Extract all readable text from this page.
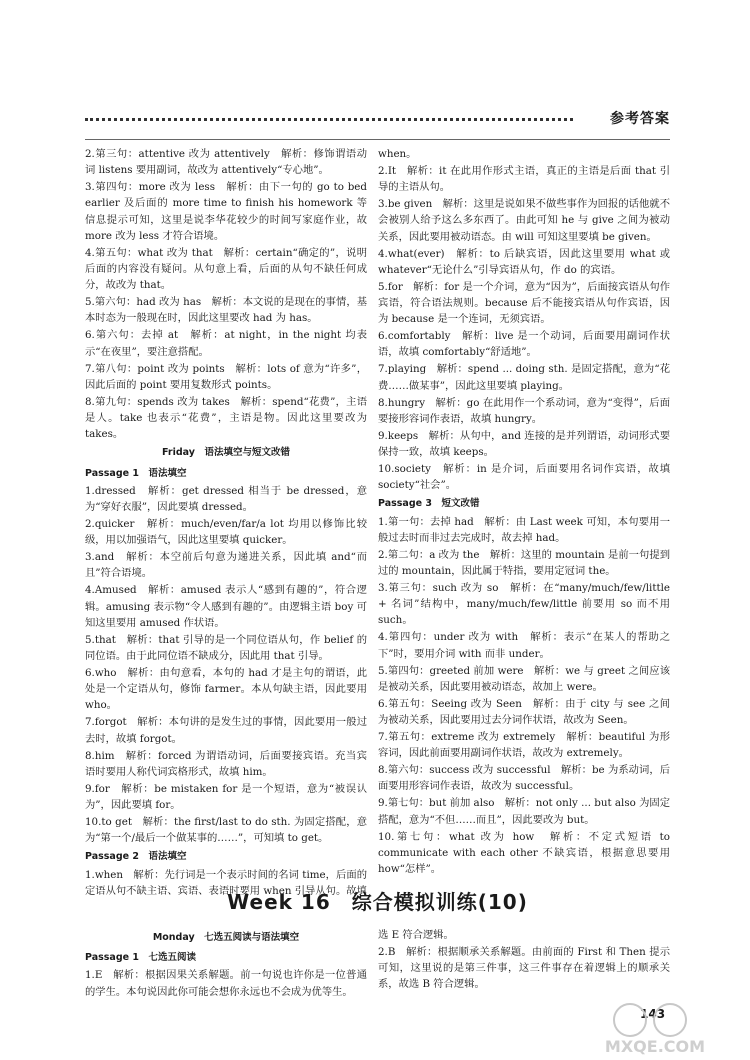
参考答案

2.第三句：attentive 改为 attentively　解析：修饰谓语动词 listens 要用副词，故改为 attentively“专心地”。

3.第四句：more 改为 less　解析：由下一句的 go to bed earlier 及后面的 more time to finish his homework 等信息提示可知，这里是说李华花较少的时间写家庭作业，故 more 改为 less 才符合语境。

4.第五句：what 改为 that　解析：certain“确定的”，说明后面的内容没有疑问。从句意上看，后面的从句不缺任何成分，故改为 that。

5.第六句：had 改为 has　解析：本文说的是现在的事情，基本时态为一般现在时，因此这里要改 had 为 has。

6.第六句：去掉 at　解析：at night，in the night 均表示“在夜里”，要注意搭配。

7.第八句：point 改为 points　解析：lots of 意为“许多”，因此后面的 point 要用复数形式 points。

8.第九句：spends 改为 takes　解析：spend“花费”，主语是人。take 也表示“花费”，主语是物。因此这里要改为 takes。

Friday　语法填空与短文改错

Passage 1　语法填空

1.dressed　解析：get dressed 相当于 be dressed，意为“穿好衣服”，因此要填 dressed。

2.quicker　解析：much/even/far/a lot 均用以修饰比较级，用以加强语气，因此这里要填 quicker。

3.and　解析：本空前后句意为递进关系，因此填 and“而且”符合语境。

4.Amused　解析：amused 表示人“感到有趣的”，符合逻辑。amusing 表示物“令人感到有趣的”。由逻辑主语 boy 可知这里要用 amused 作状语。

5.that　解析：that 引导的是一个同位语从句，作 belief 的同位语。由于此同位语不缺成分，因此用 that 引导。

6.who　解析：由句意看，本句的 had 才是主句的谓语，此处是一个定语从句，修饰 farmer。本从句缺主语，因此要用 who。

7.forgot　解析：本句讲的是发生过的事情，因此要用一般过去时，故填 forgot。

8.him　解析：forced 为谓语动词，后面要接宾语。充当宾语时要用人称代词宾格形式，故填 him。

9.for　解析：be mistaken for 是一个短语，意为“被误认为”，因此要填 for。

10.to get　解析：the first/last to do sth. 为固定搭配，意为“第一个/最后一个做某事的……”，可知填 to get。

Passage 2　语法填空

1.when　解析：先行词是一个表示时间的名词 time，后面的定语从句不缺主语、宾语、表语时要用 when 引导从句。故填

when。

2.It　解析：it 在此用作形式主语，真正的主语是后面 that 引导的主语从句。

3.be given　解析：这里是说如果不做些事作为回报的话他就不会被别人给予这么多东西了。由此可知 he 与 give 之间为被动关系，因此要用被动语态。由 will 可知这里要填 be given。

4.what(ever)　解析：to 后缺宾语，因此这里要用 what 或 whatever“无论什么”引导宾语从句，作 do 的宾语。

5.for　解析：for 是一个介词，意为“因为”，后面接宾语从句作宾语，符合语法规则。because 后不能接宾语从句作宾语，因为 because 是一个连词，无须宾语。

6.comfortably　解析：live 是一个动词，后面要用副词作状语，故填 comfortably“舒适地”。

7.playing　解析：spend ... doing sth. 是固定搭配，意为“花费……做某事”，因此这里要填 playing。

8.hungry　解析：go 在此用作一个系动词，意为“变得”，后面要接形容词作表语，故填 hungry。

9.keeps　解析：从句中，and 连接的是并列谓语，动词形式要保持一致，故填 keeps。

10.society　解析：in 是介词，后面要用名词作宾语，故填 society“社会”。

Passage 3　短文改错

1.第一句：去掉 had　解析：由 Last week 可知，本句要用一般过去时而非过去完成时，故去掉 had。

2.第二句：a 改为 the　解析：这里的 mountain 是前一句提到过的 mountain，因此属于特指，要用定冠词 the。

3.第三句：such 改为 so　解析：在“many/much/few/little + 名词”结构中，many/much/few/little 前要用 so 而不用 such。

4.第四句：under 改为 with　解析：表示“在某人的帮助之下”时，要用介词 with 而非 under。

5.第四句：greeted 前加 were　解析：we 与 greet 之间应该是被动关系，因此要用被动语态，故加上 were。

6.第五句：Seeing 改为 Seen　解析：由于 city 与 see 之间为被动关系，因此要用过去分词作状语，故改为 Seen。

7.第五句：extreme 改为 extremely　解析：beautiful 为形容词，因此前面要用副词作状语，故改为 extremely。

8.第六句：success 改为 successful　解析：be 为系动词，后面要用形容词作表语，故改为 successful。

9.第七句：but 前加 also　解析：not only ... but also 为固定搭配，意为“不但……而且”，因此要改为 but。

10.第七句：what 改为 how　解析：不定式短语 to communicate with each other 不缺宾语，根据意思要用 how“怎样”。

Week 16　综合模拟训练(10)

Monday　七选五阅读与语法填空

Passage 1　七选五阅读

1.E　解析：根据因果关系解题。前一句说也许你是一位普通的学生。本句说因此你可能会想你永远也不会成为优等生。

选 E 符合逻辑。

2.B　解析：根据顺承关系解题。由前面的 First 和 Then 提示可知，这里说的是第三件事，这三件事存在着逻辑上的顺承关系，故选 B 符合逻辑。

143
MXQE.COM
